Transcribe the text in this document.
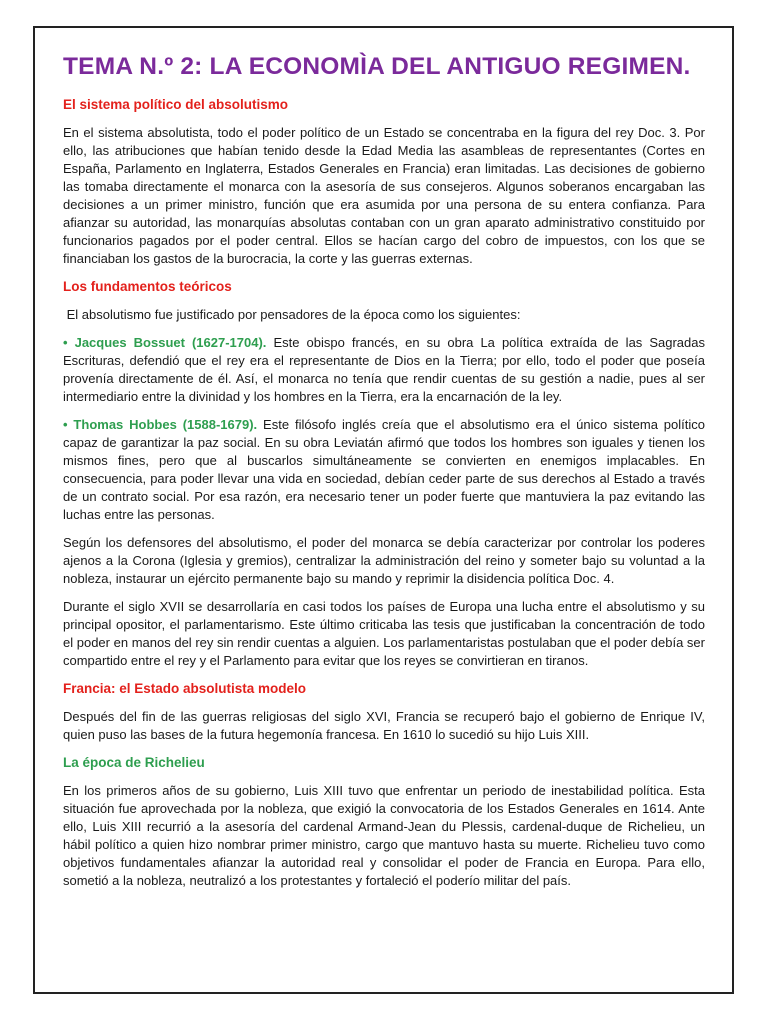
TEMA N.º 2: LA ECONOMÌA DEL ANTIGUO REGIMEN.
El sistema político del absolutismo

En el sistema absolutista, todo el poder político de un Estado se concentraba en la figura del rey Doc. 3. Por ello, las atribuciones que habían tenido desde la Edad Media las asambleas de representantes (Cortes en España, Parlamento en Inglaterra, Estados Generales en Francia) eran limitadas. Las decisiones de gobierno las tomaba directamente el monarca con la asesoría de sus consejeros. Algunos soberanos encargaban las decisiones a un primer ministro, función que era asumida por una persona de su entera confianza. Para afianzar su autoridad, las monarquías absolutas contaban con un gran aparato administrativo constituido por funcionarios pagados por el poder central. Ellos se hacían cargo del cobro de impuestos, con los que se financiaban los gastos de la burocracia, la corte y las guerras externas.

Los fundamentos teóricos

El absolutismo fue justificado por pensadores de la época como los siguientes:

• Jacques Bossuet (1627-1704). Este obispo francés, en su obra La política extraída de las Sagradas Escrituras, defendió que el rey era el representante de Dios en la Tierra; por ello, todo el poder que poseía provenía directamente de él. Así, el monarca no tenía que rendir cuentas de su gestión a nadie, pues al ser intermediario entre la divinidad y los hombres en la Tierra, era la encarnación de la ley.

• Thomas Hobbes (1588-1679). Este filósofo inglés creía que el absolutismo era el único sistema político capaz de garantizar la paz social. En su obra Leviatán afirmó que todos los hombres son iguales y tienen los mismos fines, pero que al buscarlos simultáneamente se convierten en enemigos implacables. En consecuencia, para poder llevar una vida en sociedad, debían ceder parte de sus derechos al Estado a través de un contrato social. Por esa razón, era necesario tener un poder fuerte que mantuviera la paz evitando las luchas entre las personas.

Según los defensores del absolutismo, el poder del monarca se debía caracterizar por controlar los poderes ajenos a la Corona (Iglesia y gremios), centralizar la administración del reino y someter bajo su voluntad a la nobleza, instaurar un ejército permanente bajo su mando y reprimir la disidencia política Doc. 4.

Durante el siglo XVII se desarrollaría en casi todos los países de Europa una lucha entre el absolutismo y su principal opositor, el parlamentarismo. Este último criticaba las tesis que justificaban la concentración de todo el poder en manos del rey sin rendir cuentas a alguien. Los parlamentaristas postulaban que el poder debía ser compartido entre el rey y el Parlamento para evitar que los reyes se convirtieran en tiranos.

Francia: el Estado absolutista modelo

Después del fin de las guerras religiosas del siglo XVI, Francia se recuperó bajo el gobierno de Enrique IV, quien puso las bases de la futura hegemonía francesa. En 1610 lo sucedió su hijo Luis XIII.

La época de Richelieu

En los primeros años de su gobierno, Luis XIII tuvo que enfrentar un periodo de inestabilidad política. Esta situación fue aprovechada por la nobleza, que exigió la convocatoria de los Estados Generales en 1614. Ante ello, Luis XIII recurrió a la asesoría del cardenal Armand-Jean du Plessis, cardenal-duque de Richelieu, un hábil político a quien hizo nombrar primer ministro, cargo que mantuvo hasta su muerte. Richelieu tuvo como objetivos fundamentales afianzar la autoridad real y consolidar el poder de Francia en Europa. Para ello, sometió a la nobleza, neutralizó a los protestantes y fortaleció el poderío militar del país.
